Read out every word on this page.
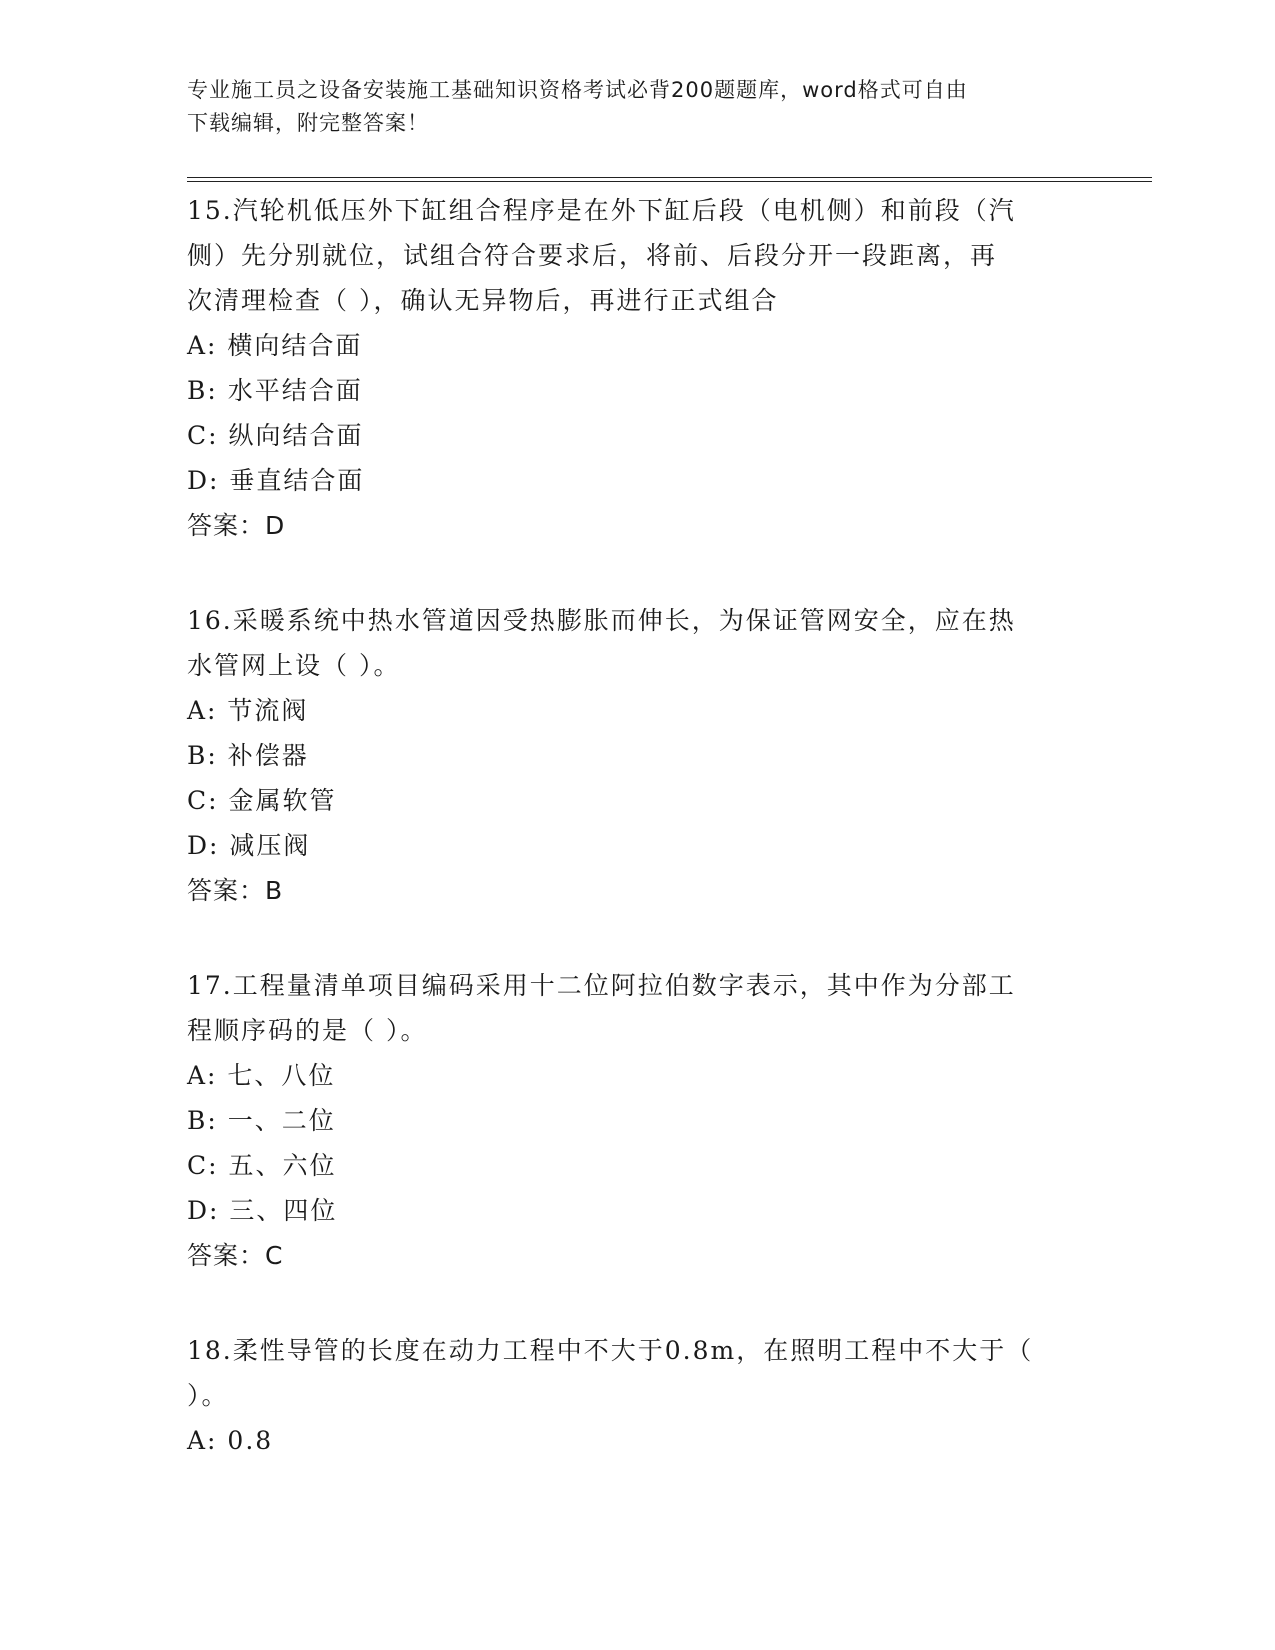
专业施工员之设备安装施工基础知识资格考试必背200题题库，word格式可自由
下载编辑，附完整答案！
15.汽轮机低压外下缸组合程序是在外下缸后段（电机侧）和前段（汽
侧）先分别就位，试组合符合要求后，将前、后段分开一段距离，再
次清理检查（ ），确认无异物后，再进行正式组合
A: 横向结合面
B: 水平结合面
C: 纵向结合面
D: 垂直结合面
答案：D
16.采暖系统中热水管道因受热膨胀而伸长，为保证管网安全，应在热
水管网上设（ ）。
A: 节流阀
B: 补偿器
C: 金属软管
D: 减压阀
答案：B
17.工程量清单项目编码采用十二位阿拉伯数字表示，其中作为分部工
程顺序码的是（ ）。
A: 七、八位
B: 一、二位
C: 五、六位
D: 三、四位
答案：C
18.柔性导管的长度在动力工程中不大于0.8m，在照明工程中不大于（
）。
A: 0.8
